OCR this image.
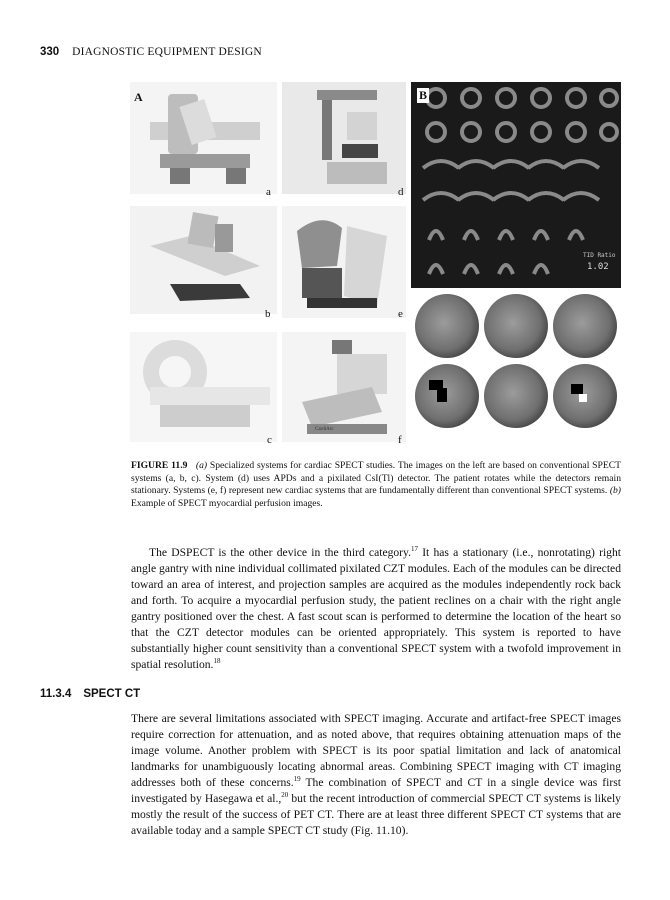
330 DIAGNOSTIC EQUIPMENT DESIGN
A
a
b
c
d
e
CardiArc
f
B
TID Ratio
1.02
FIGURE 11.9 (a) Specialized systems for cardiac SPECT studies. The images on the left are based on conventional SPECT systems (a, b, c). System (d) uses APDs and a pixilated CsI(Tl) detector. The patient rotates while the detectors remain stationary. Systems (e, f) represent new cardiac systems that are fundamentally different than conventional SPECT systems. (b) Example of SPECT myocardial perfusion images.
The DSPECT is the other device in the third category.$^{17}$ It has a stationary (i.e., nonrotating) right angle gantry with nine individual collimated pixilated CZT modules. Each of the modules can be directed toward an area of interest, and projection samples are acquired as the modules independently rock back and forth. To acquire a myocardial perfusion study, the patient reclines on a chair with the right angle gantry positioned over the chest. A fast scout scan is performed to determine the location of the heart so that the CZT detector modules can be oriented appropriately. This system is reported to have substantially higher count sensitivity than a conventional SPECT system with a twofold improvement in spatial resolution.$^{18}$
11.3.4 SPECT CT
There are several limitations associated with SPECT imaging. Accurate and artifact-free SPECT images require correction for attenuation, and as noted above, that requires obtaining attenuation maps of the image volume. Another problem with SPECT is its poor spatial limitation and lack of anatomical landmarks for unambiguously locating abnormal areas. Combining SPECT imaging with CT imaging addresses both of these concerns.$^{19}$ The combination of SPECT and CT in a single device was first investigated by Hasegawa et al.,$^{20}$ but the recent introduction of commercial SPECT CT systems is likely mostly the result of the success of PET CT. There are at least three different SPECT CT systems that are available today and a sample SPECT CT study (Fig. 11.10).
